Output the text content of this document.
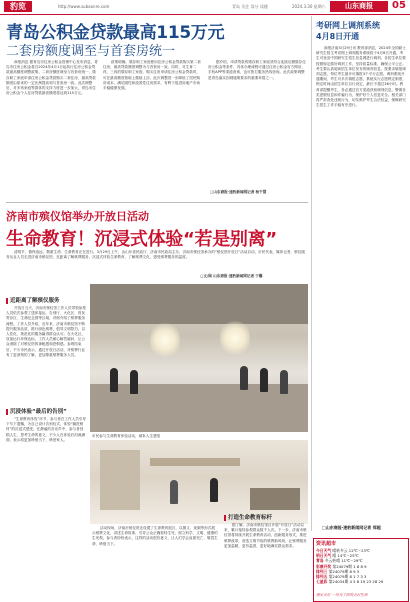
豹览	http://www.subaonre.com	青岛 关注 读分 读楼	2024.3.30 星期六	山东商报	05
青岛公积金贷款最高115万元
二套房额度调至与首套房统一

商报消息 据青岛市住房公积金管理中心发布消息，青岛市住房公积金将自2024年4月1日起执行住房公积金贷款最高额度调整政策。二套房额度调至与首套房统一，缴存职工家庭申请住房公积金贷款购买二套住房，最高贷款额度由原来的一定比例提高到与首套房一致。此次调整后，对多孩家庭等群体的支持力度进一步加大，青岛市住房公积金个人住房贷款最高额度将达到115万元。

政策明确，缴存职工家庭使用住房公积金贷款购买第二套住房，最高贷款额度调整为与首套房一致。同时，对生育二孩、三孩的缴存职工家庭，购买住房申请住房公积金贷款时，可在最高额度基础上继续上浮。此次调整进一步降低了居民购房成本，满足刚性和改善性住房需求，有利于促进房地产市场平稳健康发展。

据介绍，申请贷款的缴存职工家庭须符合连续足额缴存住房公积金等条件，具体办理流程可通过住房公积金官方网站、手机APP等渠道查询，也可拨打服务热线咨询。此次政策调整是青岛落实因城施策要求的重要举措之一。

□山东商报·速豹新闻网记者 杨千慧
考研网上调剂系统
4月8日开通

商报济南3月29日讯 教育部消息，2024年全国硕士研究生招生考试网上调剂服务系统将于4月8日开通，考生可登录中国研究生招生信息网进行调剂。各招生单位要按照规定做好调剂工作，坚持质量标准，确保公平公正。考生要认真阅读招生单位发布的调剂信息，按要求填报调剂志愿，每位考生最多可填报3个平行志愿。调剂系统开通期间，考生可多次填报志愿，系统实行志愿锁定制度，锁定时间由招生单位自行设定，最长不超过36小时。教育部提醒考生，务必通过官方渠道获取调剂信息，警惕各类虚假信息和诈骗行为，保护好个人信息安全。相关部门将严肃查处违规行为，切实维护考生合法权益，保障研究生招生工作平稳有序进行。

□山东商报·速豹新闻网记者 郑超
济南市殡仪馆举办开放日活动
生命教育！沉浸式体验“若是别离”

清明节、慎终追远、敬重生命、生命教育正在进行。3月29日上午，由山东省民政厅、济南市民政局主办，济南市殡仪馆承办的“殡仪馆开放日”活动启动，市民代表、媒体记者、殡仪服务从业人员走进济南市殡仪馆，近距离了解殡葬服务，沉浸式体验生命教育，了解殡葬文化，感受殡葬服务的温度。

□文/图 山东商报·速豹新闻网记者 于馨
市民参与生命教育体验活动，倾诉人生感悟
近距离了解殡仪服务

开放日当天，济南市殡仪馆工作人员带领参观人员依次参观了遗体接运、告别厅、火化区、骨灰寄存区、生命纪念园等区域，详细介绍了殡葬服务流程。工作人员介绍，近年来，济南市殡仪馆不断提升服务品质，推行绿色殡葬，倡导文明祭扫，以人性化、规范化的服务赢得群众认可。在火化区，设备运行环保达标，工作人员耐心解答疑问，让公众消除了对殡仪馆的神秘感和恐惧感。参观结束后，不少市民表示，通过开放日活动，对殡葬行业有了更深刻的了解，更加尊重殡葬服务人员。

沉浸体验“最后的告别”

“生命教育体验”环节，参与者在工作人员引导下写下遗嘱，为自己设计告别仪式，体验“躺进棺材”的沉浸式感受。在静谧的音乐声中，参与者回顾人生，思考生命的意义。不少人在体验后泪流满面，表示将更加珍惜当下，珍爱家人。

活动现场，济南市殡仪馆还设置了生命教育展区，以图文、视频等形式展示殡葬文化，讲述生命故事，引导公众正确看待生死，树立科学、文明、健康的生死观。参与者纷纷表示，这样的活动很有意义，让人们学会直面死亡、敬畏生命、珍惜当下。

打造生命教育标杆

据了解，济南市殡仪馆自开展“开放日”活动以来，累计接待参观群众数千人次。下一步，济南市殡仪馆将持续开展生命教育活动，创新服务形式，推进殡葬改革，营造文明节俭的殡葬新风尚，让殡葬服务更加温暖、更有温度，更好地满足群众需求。	资讯超市
今日天气 晴转多云 12℃~23℃
明日天气 晴 14℃~25℃
青岛 多云转晴 11℃~29℃
彩票开奖 第24079期 1 8 8 9
排列三 第24079期 8 9 3
排列五 第24079期 8 1 7 3 3
七星彩 第24034期 4 5 8 19 23 28 29
遇见美好 一切为了你的美好生活
